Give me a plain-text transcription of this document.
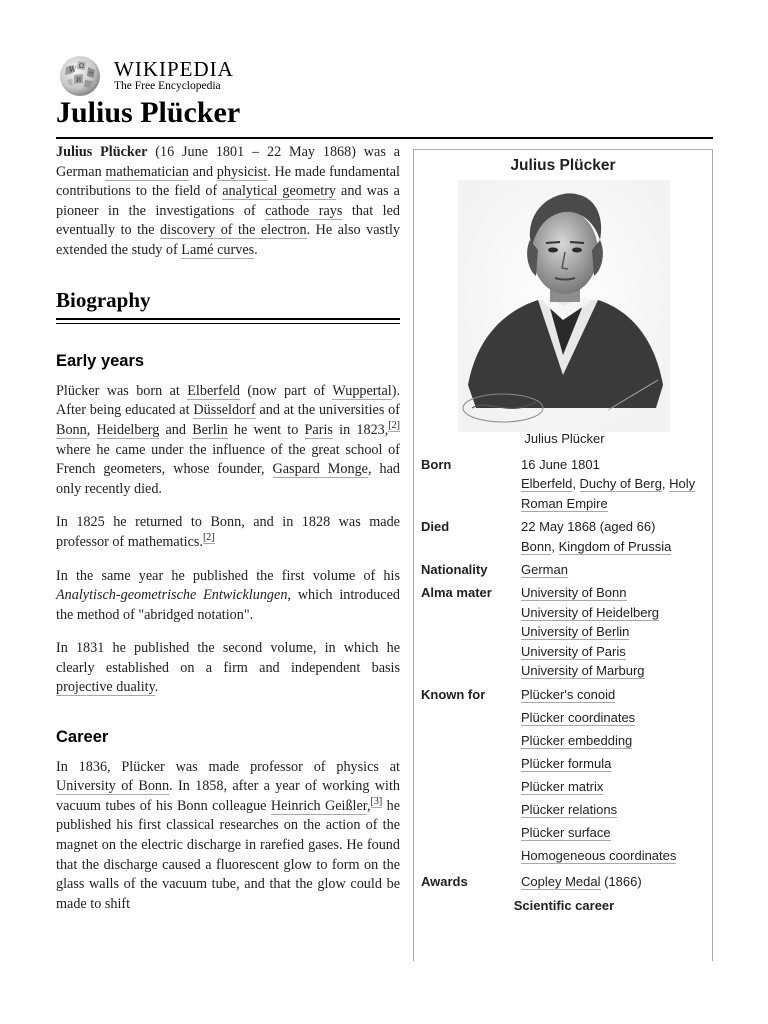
W Ω
И
ウ WIKIPEDIA
The Free Encyclopedia
Julius Plücker

Julius Plücker (16 June 1801 – 22 May 1868) was a German mathematician and physicist. He made fundamental contributions to the field of analytical geometry and was a pioneer in the investigations of cathode rays that led eventually to the discovery of the electron. He also vastly extended the study of Lamé curves.

Biography
Early years

Plücker was born at Elberfeld (now part of Wuppertal). After being educated at Düsseldorf and at the universities of Bonn, Heidelberg and Berlin he went to Paris in 1823,[2] where he came under the influence of the great school of French geometers, whose founder, Gaspard Monge, had only recently died.

In 1825 he returned to Bonn, and in 1828 was made professor of mathematics.[2]

In the same year he published the first volume of his Analytisch-geometrische Entwicklungen, which introduced the method of "abridged notation".

In 1831 he published the second volume, in which he clearly established on a firm and independent basis projective duality.

Career

In 1836, Plücker was made professor of physics at University of Bonn. In 1858, after a year of working with vacuum tubes of his Bonn colleague Heinrich Geißler,[3] he published his first classical researches on the action of the magnet on the electric discharge in rarefied gases. He found that the discharge caused a fluorescent glow to form on the glass walls of the vacuum tube, and that the glow could be made to shift

Julius Plücker
Julius Plücker
Born	16 June 1801
Elberfeld, Duchy of Berg, Holy
Roman Empire
Died	22 May 1868 (aged 66)
Bonn, Kingdom of Prussia
Nationality	German
Alma mater	University of Bonn
University of Heidelberg
University of Berlin
University of Paris
University of Marburg
Known for	Plücker's conoid
Plücker coordinates
Plücker embedding
Plücker formula
Plücker matrix
Plücker relations
Plücker surface
Homogeneous coordinates
Awards	Copley Medal (1866)
Scientific career
